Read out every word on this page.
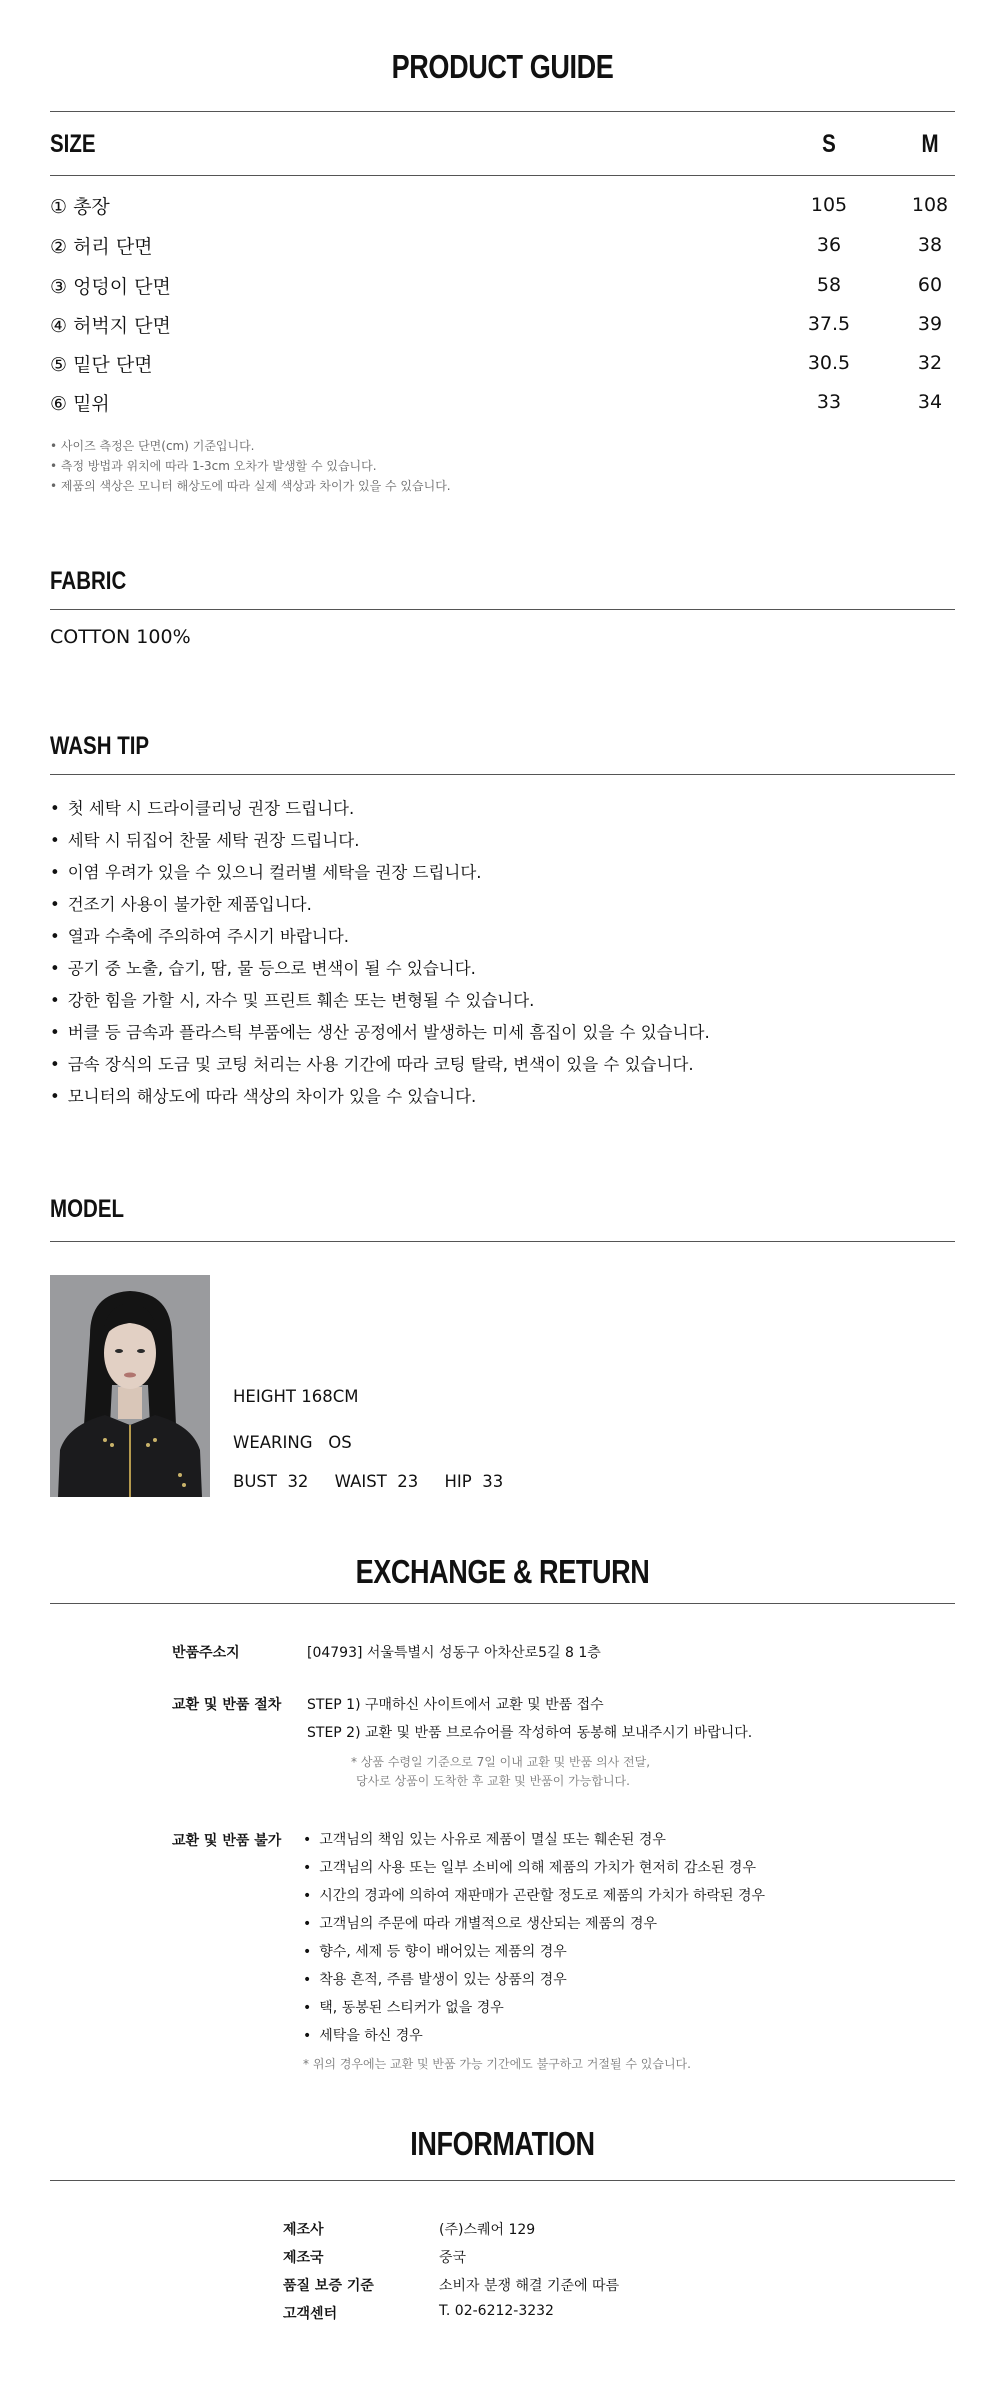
PRODUCT GUIDE
SIZE	S	M
① 총장	105	108
② 허리 단면	36	38
③ 엉덩이 단면	58	60
④ 허벅지 단면	37.5	39
⑤ 밑단 단면	30.5	32
⑥ 밑위	33	34
• 사이즈 측정은 단면(cm) 기준입니다.
• 측정 방법과 위치에 따라 1-3cm 오차가 발생할 수 있습니다.
• 제품의 색상은 모니터 해상도에 따라 실제 색상과 차이가 있을 수 있습니다.
FABRIC
COTTON 100%
WASH TIP
• 첫 세탁 시 드라이클리닝 권장 드립니다.
• 세탁 시 뒤집어 찬물 세탁 권장 드립니다.
• 이염 우려가 있을 수 있으니 컬러별 세탁을 권장 드립니다.
• 건조기 사용이 불가한 제품입니다.
• 열과 수축에 주의하여 주시기 바랍니다.
• 공기 중 노출, 습기, 땀, 물 등으로 변색이 될 수 있습니다.
• 강한 힘을 가할 시, 자수 및 프린트 훼손 또는 변형될 수 있습니다.
• 버클 등 금속과 플라스틱 부품에는 생산 공정에서 발생하는 미세 흠집이 있을 수 있습니다.
• 금속 장식의 도금 및 코팅 처리는 사용 기간에 따라 코팅 탈락, 변색이 있을 수 있습니다.
• 모니터의 해상도에 따라 색상의 차이가 있을 수 있습니다.
MODEL
HEIGHT 168CM
WEARING   OS
BUST  32     WAIST  23     HIP  33
EXCHANGE & RETURN
반품주소지	[04793] 서울특별시 성동구 아차산로5길 8 1층
교환 및 반품 절차 STEP 1) 구매하신 사이트에서 교환 및 반품 접수
STEP 2) 교환 및 반품 브로슈어를 작성하여 동봉해 보내주시기 바랍니다.
* 상품 수령일 기준으로 7일 이내 교환 및 반품 의사 전달,
당사로 상품이 도착한 후 교환 및 반품이 가능합니다.
교환 및 반품 불가
•	고객님의 책임 있는 사유로 제품이 멸실 또는 훼손된 경우
• 고객님의 사용 또는 일부 소비에 의해 제품의 가치가 현저히 감소된 경우
• 시간의 경과에 의하여 재판매가 곤란할 정도로 제품의 가치가 하락된 경우
• 고객님의 주문에 따라 개별적으로 생산되는 제품의 경우
• 향수, 세제 등 향이 배어있는 제품의 경우
• 착용 흔적, 주름 발생이 있는 상품의 경우
• 택, 동봉된 스티커가 없을 경우
• 세탁을 하신 경우
* 위의 경우에는 교환 및 반품 가능 기간에도 불구하고 거절될 수 있습니다.
INFORMATION
제조사	(주)스퀘어 129
제조국	중국
품질 보증 기준	소비자 분쟁 해결 기준에 따름
고객센터	T. 02-6212-3232
